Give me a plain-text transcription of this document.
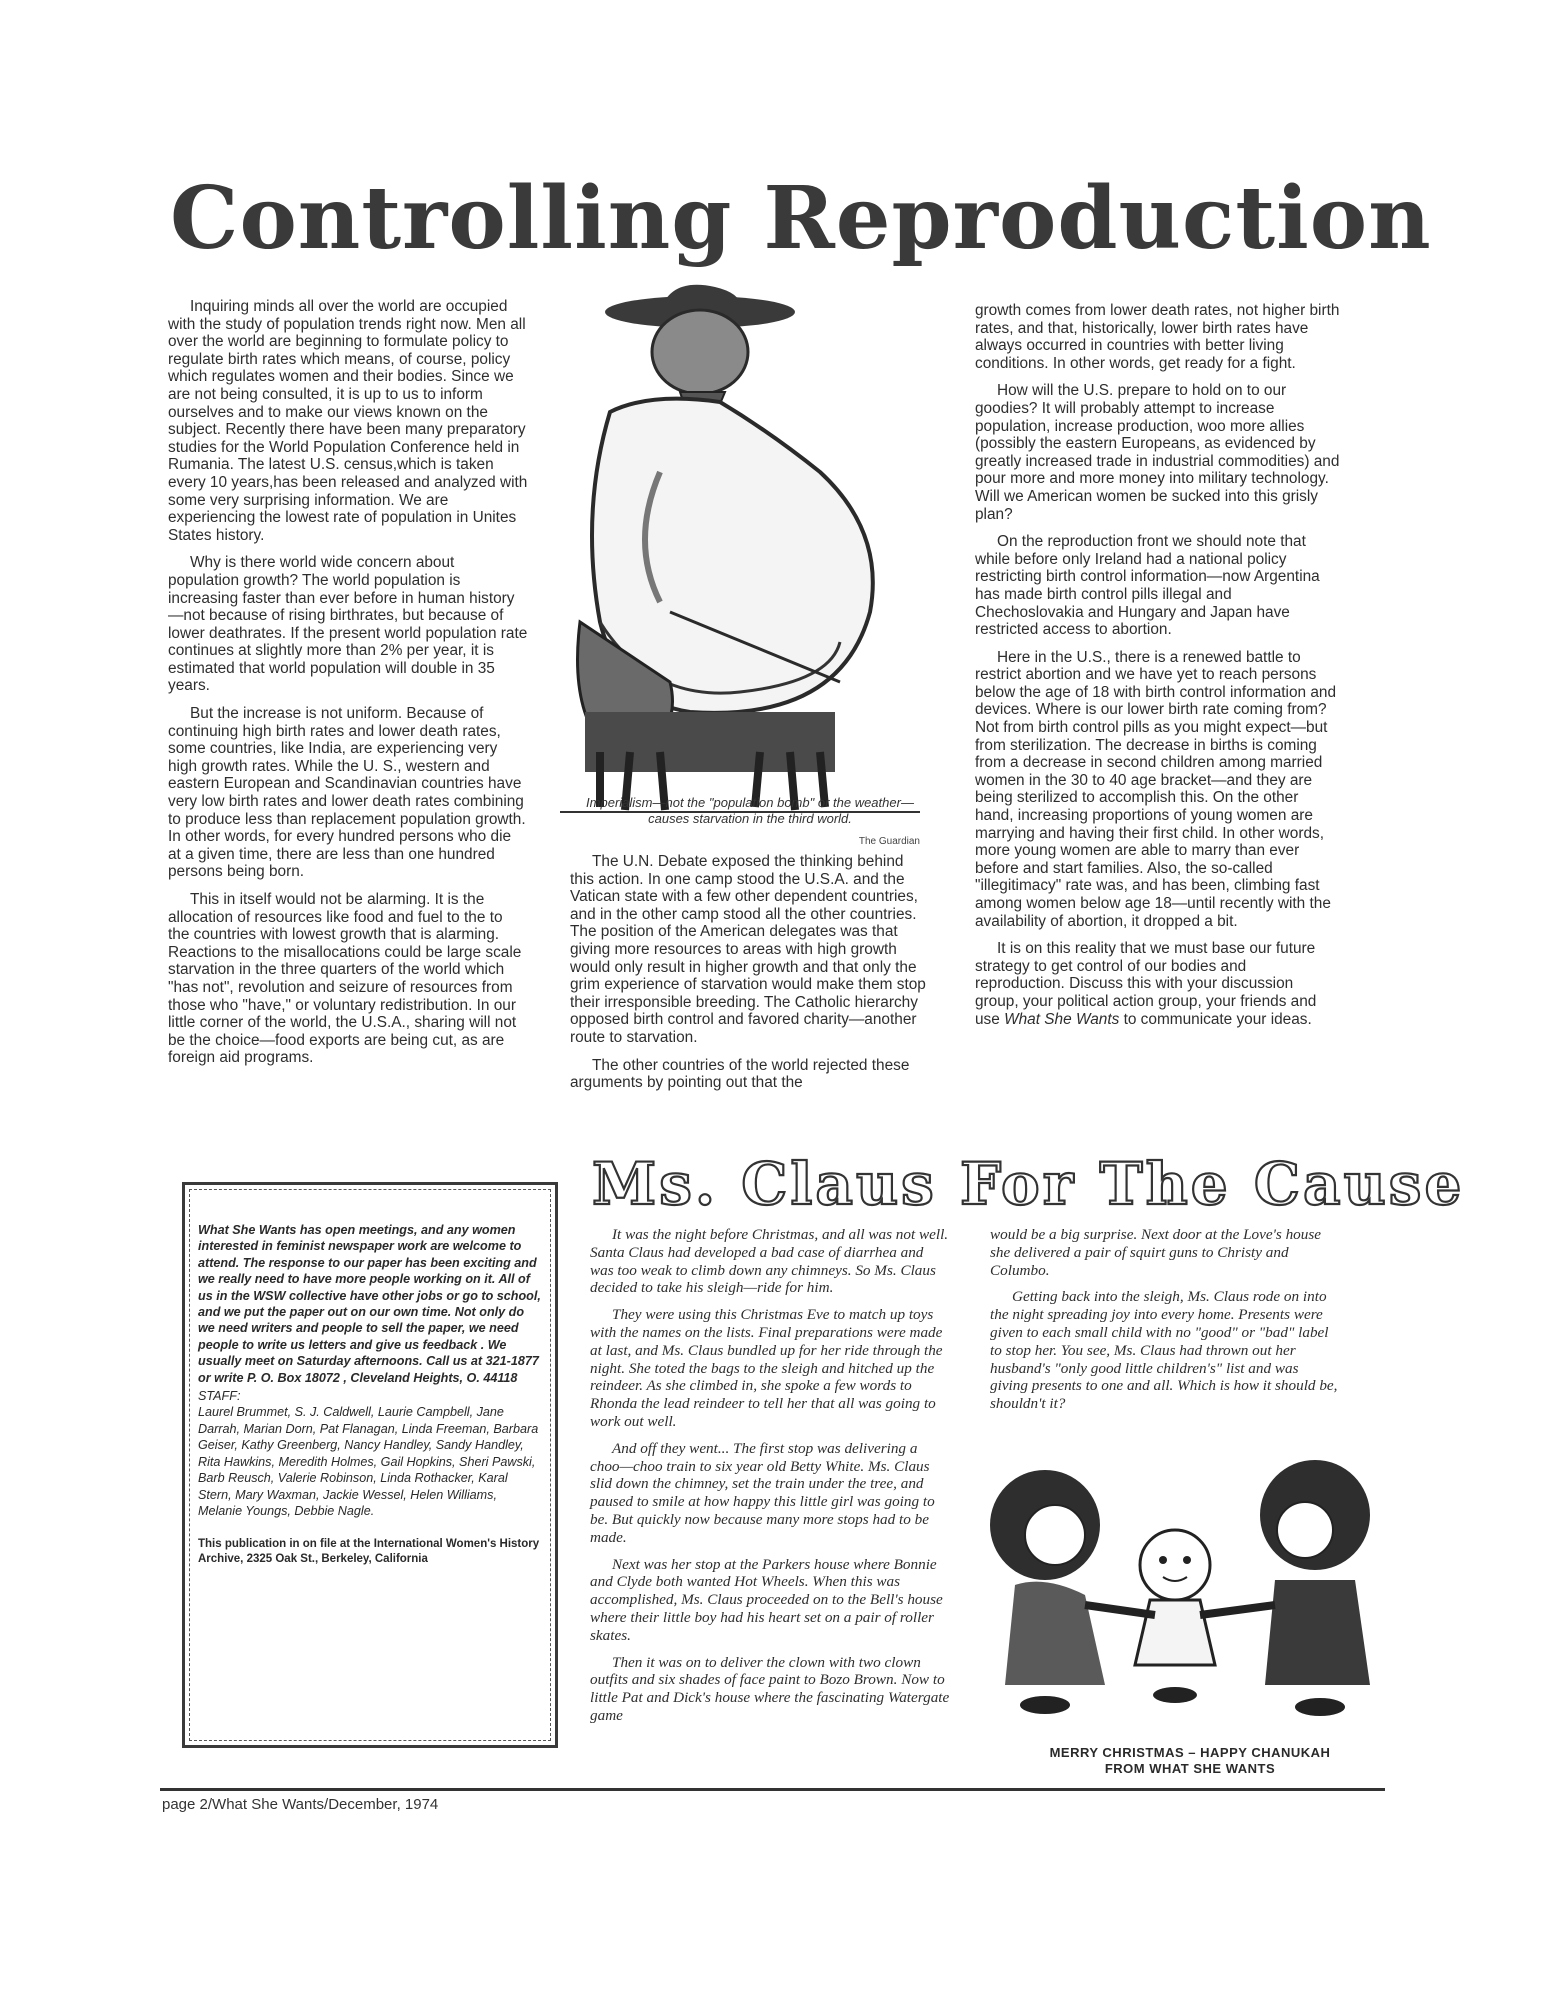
Controlling Reproduction

Inquiring minds all over the world are occupied with the study of population trends right now. Men all over the world are beginning to formulate policy to regulate birth rates which means, of course, policy which regulates women and their bodies. Since we are not being consulted, it is up to us to inform ourselves and to make our views known on the subject. Recently there have been many preparatory studies for the World Population Conference held in Rumania. The latest U.S. census,which is taken every 10 years,has been released and analyzed with some very surprising information. We are experiencing the lowest rate of population in Unites States history.

Why is there world wide concern about population growth? The world population is increasing faster than ever before in human history—not because of rising birthrates, but because of lower deathrates. If the present world population rate continues at slightly more than 2% per year, it is estimated that world population will double in 35 years.

But the increase is not uniform. Because of continuing high birth rates and lower death rates, some countries, like India, are experiencing very high growth rates. While the U. S., western and eastern European and Scandinavian countries have very low birth rates and lower death rates combining to produce less than replacement population growth. In other words, for every hundred persons who die at a given time, there are less than one hundred persons being born.

This in itself would not be alarming. It is the allocation of resources like food and fuel to the to the countries with lowest growth that is alarming. Reactions to the misallocations could be large scale starvation in the three quarters of the world which "has not", revolution and seizure of resources from those who "have," or voluntary redistribution. In our little corner of the world, the U.S.A., sharing will not be the choice—food exports are being cut, as are foreign aid programs.

Imperialism—not the "population bomb" or the weather—causes starvation in the third world.
The Guardian

The U.N. Debate exposed the thinking behind this action. In one camp stood the U.S.A. and the Vatican state with a few other dependent countries, and in the other camp stood all the other countries. The position of the American delegates was that giving more resources to areas with high growth would only result in higher growth and that only the grim experience of starvation would make them stop their irresponsible breeding. The Catholic hierarchy opposed birth control and favored charity—another route to starvation.

The other countries of the world rejected these arguments by pointing out that the

growth comes from lower death rates, not higher birth rates, and that, historically, lower birth rates have always occurred in countries with better living conditions. In other words, get ready for a fight.

How will the U.S. prepare to hold on to our goodies? It will probably attempt to increase population, increase production, woo more allies (possibly the eastern Europeans, as evidenced by greatly increased trade in industrial commodities) and pour more and more money into military technology. Will we American women be sucked into this grisly plan?

On the reproduction front we should note that while before only Ireland had a national policy restricting birth control information—now Argentina has made birth control pills illegal and Chechoslovakia and Hungary and Japan have restricted access to abortion.

Here in the U.S., there is a renewed battle to restrict abortion and we have yet to reach persons below the age of 18 with birth control information and devices. Where is our lower birth rate coming from? Not from birth control pills as you might expect—but from sterilization. The decrease in births is coming from a decrease in second children among married women in the 30 to 40 age bracket—and they are being sterilized to accomplish this. On the other hand, increasing proportions of young women are marrying and having their first child. In other words, more young women are able to marry than ever before and start families. Also, the so-called "illegitimacy" rate was, and has been, climbing fast among women below age 18—until recently with the availability of abortion, it dropped a bit.

It is on this reality that we must base our future strategy to get control of our bodies and reproduction. Discuss this with your discussion group, your political action group, your friends and use What She Wants to communicate your ideas.

What She Wants has open meetings, and any women interested in feminist newspaper work are welcome to attend. The response to our paper has been exciting and we really need to have more people working on it. All of us in the WSW collective have other jobs or go to school, and we put the paper out on our own time. Not only do we need writers and people to sell the paper, we need people to write us letters and give us feedback . We usually meet on Saturday afternoons. Call us at 321-1877 or write P. O. Box 18072 , Cleveland Heights, O. 44118
STAFF:
Laurel Brummet, S. J. Caldwell, Laurie Campbell, Jane Darrah, Marian Dorn, Pat Flanagan, Linda Freeman, Barbara Geiser, Kathy Greenberg, Nancy Handley, Sandy Handley, Rita Hawkins, Meredith Holmes, Gail Hopkins, Sheri Pawski, Barb Reusch, Valerie Robinson, Linda Rothacker, Karal Stern, Mary Waxman, Jackie Wessel, Helen Williams, Melanie Youngs, Debbie Nagle.
This publication in on file at the International Women's History Archive, 2325 Oak St., Berkeley, California
Ms. Claus For The Cause

It was the night before Christmas, and all was not well. Santa Claus had developed a bad case of diarrhea and was too weak to climb down any chimneys. So Ms. Claus decided to take his sleigh—ride for him.

They were using this Christmas Eve to match up toys with the names on the lists. Final preparations were made at last, and Ms. Claus bundled up for her ride through the night. She toted the bags to the sleigh and hitched up the reindeer. As she climbed in, she spoke a few words to Rhonda the lead reindeer to tell her that all was going to work out well.

And off they went... The first stop was delivering a choo—choo train to six year old Betty White. Ms. Claus slid down the chimney, set the train under the tree, and paused to smile at how happy this little girl was going to be. But quickly now because many more stops had to be made.

Next was her stop at the Parkers house where Bonnie and Clyde both wanted Hot Wheels. When this was accomplished, Ms. Claus proceeded on to the Bell's house where their little boy had his heart set on a pair of roller skates.

Then it was on to deliver the clown with two clown outfits and six shades of face paint to Bozo Brown. Now to little Pat and Dick's house where the fascinating Watergate game

would be a big surprise. Next door at the Love's house she delivered a pair of squirt guns to Christy and Columbo.

Getting back into the sleigh, Ms. Claus rode on into the night spreading joy into every home. Presents were given to each small child with no "good" or "bad" label to stop her. You see, Ms. Claus had thrown out her husband's "only good little children's" list and was giving presents to one and all. Which is how it should be, shouldn't it?

MERRY CHRISTMAS – HAPPY CHANUKAH
FROM WHAT SHE WANTS
page 2/What She Wants/December, 1974
